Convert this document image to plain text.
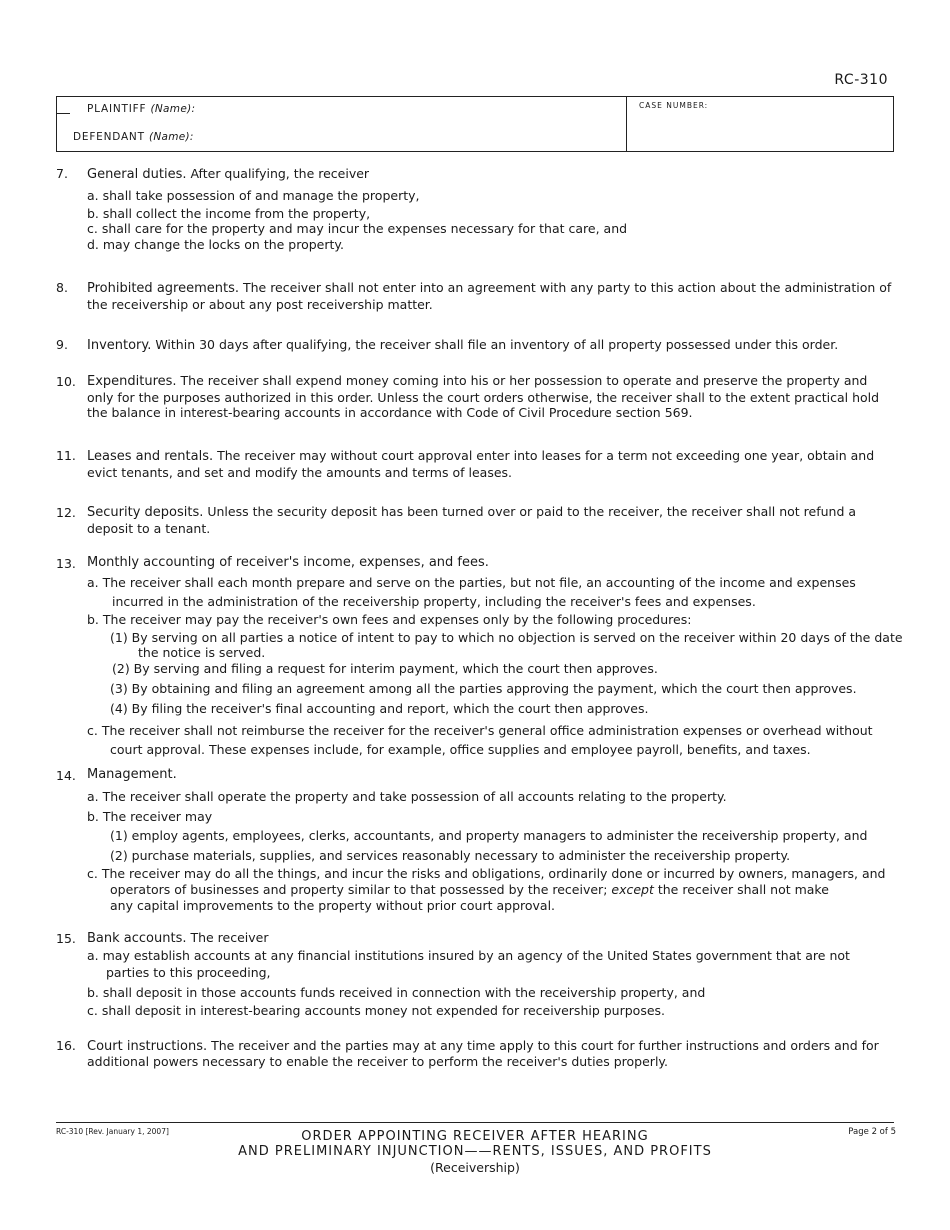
RC-310
PLAINTIFF (Name):
DEFENDANT (Name):
CASE NUMBER:
7. General duties. After qualifying, the receiver
a. shall take possession of and manage the property,
b. shall collect the income from the property,
c. shall care for the property and may incur the expenses necessary for that care, and
d. may change the locks on the property.
8. Prohibited agreements. The receiver shall not enter into an agreement with any party to this action about the administration of
the receivership or about any post receivership matter.
9. Inventory. Within 30 days after qualifying, the receiver shall file an inventory of all property possessed under this order.
10. Expenditures. The receiver shall expend money coming into his or her possession to operate and preserve the property and
only for the purposes authorized in this order. Unless the court orders otherwise, the receiver shall to the extent practical hold
the balance in interest-bearing accounts in accordance with Code of Civil Procedure section 569.
11. Leases and rentals. The receiver may without court approval enter into leases for a term not exceeding one year, obtain and
evict tenants, and set and modify the amounts and terms of leases.
12. Security deposits. Unless the security deposit has been turned over or paid to the receiver, the receiver shall not refund a
deposit to a tenant.
13. Monthly accounting of receiver's income, expenses, and fees.
a. The receiver shall each month prepare and serve on the parties, but not file, an accounting of the income and expenses
incurred in the administration of the receivership property, including the receiver's fees and expenses.
b. The receiver may pay the receiver's own fees and expenses only by the following procedures:
(1) By serving on all parties a notice of intent to pay to which no objection is served on the receiver within 20 days of the date
the notice is served.
(2) By serving and filing a request for interim payment, which the court then approves.
(3) By obtaining and filing an agreement among all the parties approving the payment, which the court then approves.
(4) By filing the receiver's final accounting and report, which the court then approves.
c. The receiver shall not reimburse the receiver for the receiver's general office administration expenses or overhead without
court approval. These expenses include, for example, office supplies and employee payroll, benefits, and taxes.
14. Management.
a. The receiver shall operate the property and take possession of all accounts relating to the property.
b. The receiver may
(1) employ agents, employees, clerks, accountants, and property managers to administer the receivership property, and
(2) purchase materials, supplies, and services reasonably necessary to administer the receivership property.
c. The receiver may do all the things, and incur the risks and obligations, ordinarily done or incurred by owners, managers, and
operators of businesses and property similar to that possessed by the receiver; except the receiver shall not make
any capital improvements to the property without prior court approval.
15. Bank accounts. The receiver
a. may establish accounts at any financial institutions insured by an agency of the United States government that are not
parties to this proceeding,
b. shall deposit in those accounts funds received in connection with the receivership property, and
c. shall deposit in interest-bearing accounts money not expended for receivership purposes.
16. Court instructions. The receiver and the parties may at any time apply to this court for further instructions and orders and for
additional powers necessary to enable the receiver to perform the receiver's duties properly.
RC-310 [Rev. January 1, 2007]	Page 2 of 5
ORDER APPOINTING RECEIVER AFTER HEARING
AND PRELIMINARY INJUNCTION——RENTS, ISSUES, AND PROFITS
(Receivership)
